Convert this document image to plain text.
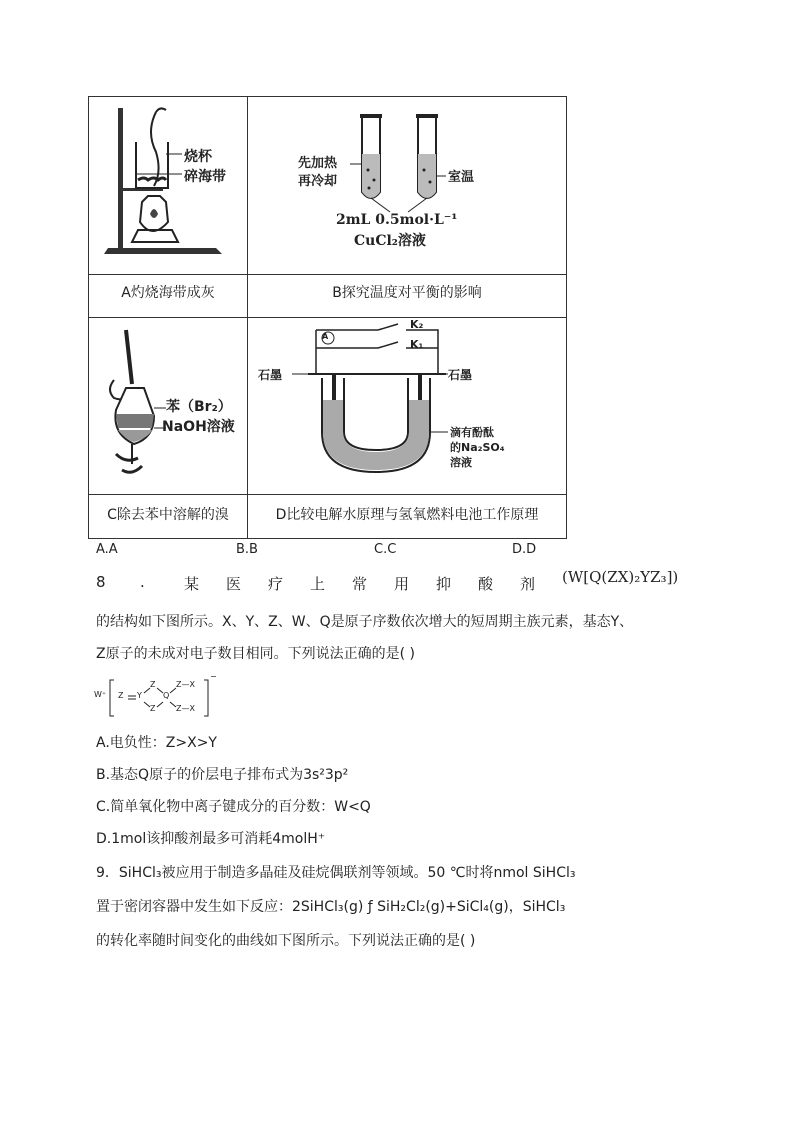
A灼烧海带成灰	B探究温度对平衡的影响
C除去苯中溶解的溴	D比较电解水原理与氢氧燃料电池工作原理
烧杯
碎海带
先加热
再冷却	室温
2mL 0.5mol·L⁻¹
CuCl₂溶液
苯（Br₂）
NaOH溶液
A
K₂
K₁
石墨	石墨
滴有酚酞
的Na₂SO₄
溶液
A.A	B.B	C.C	D.D
8 .	某 医 疗 上 常 用 抑 酸 剂 (W[Q(ZX)₂YZ₃])
的结构如下图所示。X、Y、Z、W、Q是原子序数依次增大的短周期主族元素，基态Y、
Z原子的未成对电子数目相同。下列说法正确的是( )
W⁺ Z Y
Z
Z
Q
Z—X
Z—X
−
A.电负性：Z>X>Y
B.基态Q原子的价层电子排布式为3s²3p²
C.简单氧化物中离子键成分的百分数：W<Q
D.1mol该抑酸剂最多可消耗4molH⁺
9．SiHCl₃被应用于制造多晶硅及硅烷偶联剂等领域。50 ℃时将nmol SiHCl₃
置于密闭容器中发生如下反应：2SiHCl₃(g) ƒ SiH₂Cl₂(g)+SiCl₄(g)，SiHCl₃
的转化率随时间变化的曲线如下图所示。下列说法正确的是( )
